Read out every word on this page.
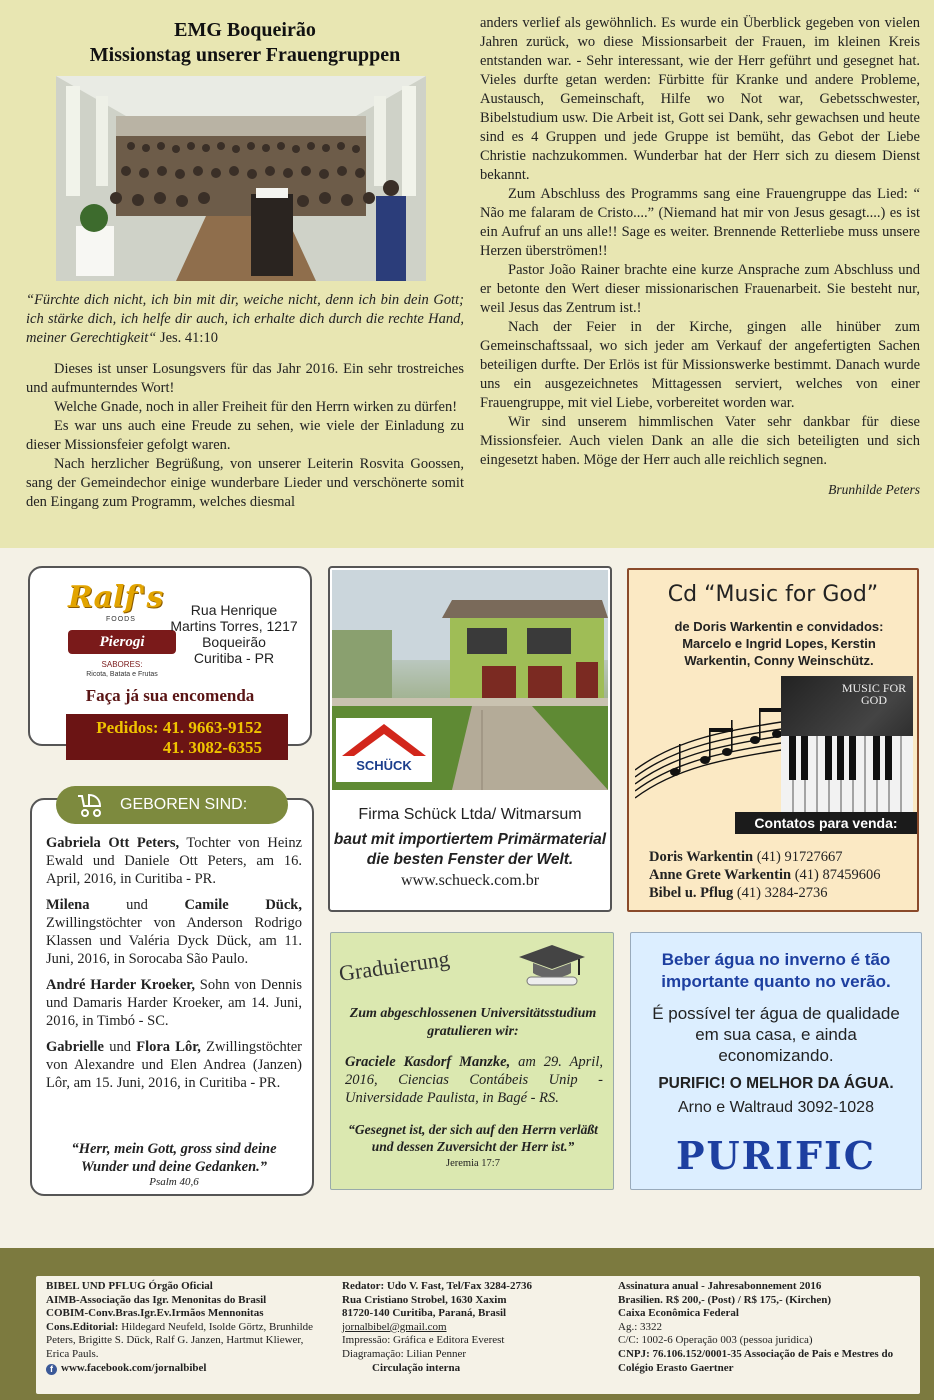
EMG Boqueirão
Missionstag unserer Frauengruppen

“Fürchte dich nicht, ich bin mit dir, weiche nicht, denn ich bin dein Gott; ich stärke dich, ich helfe dir auch, ich erhalte dich durch die rechte Hand, meiner Gerechtigkeit“ Jes. 41:10

Dieses ist unser Losungsvers für das Jahr 2016. Ein sehr trostreiches und aufmunterndes Wort!

Welche Gnade, noch in aller Freiheit für den Herrn wirken zu dürfen!

Es war uns auch eine Freude zu sehen, wie viele der Einladung zu dieser Missionsfeier gefolgt waren.

Nach herzlicher Begrüßung, von unserer Leiterin Rosvita Goossen, sang der Gemeindechor einige wunderbare Lieder und verschönerte somit den Eingang zum Programm, welches diesmal

anders verlief als gewöhnlich. Es wurde ein Überblick gegeben von vielen Jahren zurück, wo diese Missionsarbeit der Frauen, im kleinen Kreis entstanden war. - Sehr interessant, wie der Herr geführt und gesegnet hat. Vieles durfte getan werden: Fürbitte für Kranke und andere Probleme, Austausch, Gemeinschaft, Hilfe wo Not war, Gebetsschwester, Bibelstudium usw. Die Arbeit ist, Gott sei Dank, sehr gewachsen und heute sind es 4 Gruppen und jede Gruppe ist bemüht, das Gebot der Liebe Christie nachzukommen. Wunderbar hat der Herr sich zu diesem Dienst bekannt.

Zum Abschluss des Programms sang eine Frauengruppe das Lied: “ Não me falaram de Cristo....” (Niemand hat mir von Jesus gesagt....) es ist ein Aufruf an uns alle!! Sage es weiter. Brennende Retterliebe muss unsere Herzen überströmen!!

Pastor João Rainer brachte eine kurze Ansprache zum Abschluss und er betonte den Wert dieser missionarischen Frauenarbeit. Sie besteht nur, weil Jesus das Zentrum ist.!

Nach der Feier in der Kirche, gingen alle hinüber zum Gemeinschaftssaal, wo sich jeder am Verkauf der angefertigten Sachen beteiligen durfte. Der Erlös ist für Missionswerke bestimmt. Danach wurde uns ein ausgezeichnetes Mittagessen serviert, welches von einer Frauengruppe, mit viel Liebe, vorbereitet worden war.

Wir sind unserem himmlischen Vater sehr dankbar für diese Missionsfeier. Auch vielen Dank an alle die sich beteiligten und sich eingesetzt haben. Möge der Herr auch alle reichlich segnen.

Brunhilde Peters
Ralf's
FOODS
Pierogi
SABORES:
Ricota, Batata e Frutas
Rua Henrique
Martins Torres, 1217
Boqueirão
Curitiba - PR
Faça já sua encomenda
Pedidos: 41. 9663-9152
41. 3082-6355
SCHÜCK
Firma Schück Ltda/ Witmarsum
baut mit importiertem Primärmaterial
die besten Fenster der Welt.
www.schueck.com.br
Cd “Music for God”
de Doris Warkentin e convidados: Marcelo e Ingrid Lopes, Kerstin Warkentin, Conny Weinschütz.
MUSIC FOR GOD
Contatos para venda:
Doris Warkentin (41) 91727667
Anne Grete Warkentin (41) 87459606
Bibel u. Pflug (41) 3284-2736
GEBOREN SIND:

Gabriela Ott Peters, Tochter von Heinz Ewald und Daniele Ott Peters, am 16. April, 2016, in Curitiba - PR.

Milena und Camile Dück, Zwillingstöchter von Anderson Rodrigo Klassen und Valéria Dyck Dück, am 11. Juni, 2016, in Sorocaba São Paulo.

André Harder Kroeker, Sohn von Dennis und Damaris Harder Kroeker, am 14. Juni, 2016, in Timbó - SC.

Gabrielle und Flora Lôr, Zwillingstöchter von Alexandre und Elen Andrea (Janzen) Lôr, am 15. Juni, 2016, in Curitiba - PR.

“Herr, mein Gott, gross sind deine Wunder und deine Gedanken.”
Psalm 40,6
Graduierung
Zum abgeschlossenen Universitätsstudium gratulieren wir:
Graciele Kasdorf Manzke, am 29. April, 2016, Ciencias Contábeis Unip - Universidade Paulista, in Bagé - RS.
“Gesegnet ist, der sich auf den Herrn verläßt und dessen Zuversicht der Herr ist.”
Jeremia 17:7
Beber água no inverno é tão importante quanto no verão.
É possível ter água de qualidade em sua casa, e ainda economizando.
PURIFIC! O MELHOR DA ÁGUA.
Arno e Waltraud 3092-1028
PURIFIC
BIBEL UND PFLUG Órgão Oficial
AIMB-Associação das Igr. Menonitas do Brasil
COBIM-Conv.Bras.Igr.Ev.Irmãos Mennonitas
Cons.Editorial: Hildegard Neufeld, Isolde Görtz, Brunhilde Peters, Brigitte S. Dück, Ralf G. Janzen, Hartmut Kliewer, Erica Pauls.
f www.facebook.com/jornalbibel
Redator: Udo V. Fast, Tel/Fax 3284-2736
Rua Cristiano Strobel, 1630 Xaxim
81720-140 Curitiba, Paraná, Brasil
jornalbibel@gmail.com
Impressão: Gráfica e Editora Everest
Diagramação: Lilian Penner
Circulação interna
Assinatura anual - Jahresabonnement 2016
Brasilien. R$ 200,- (Post) / R$ 175,- (Kirchen)
Caixa Econômica Federal
Ag.: 3322
C/C: 1002-6 Operação 003 (pessoa juridica)
CNPJ: 76.106.152/0001-35 Associação de Pais e Mestres do Colégio Erasto Gaertner
